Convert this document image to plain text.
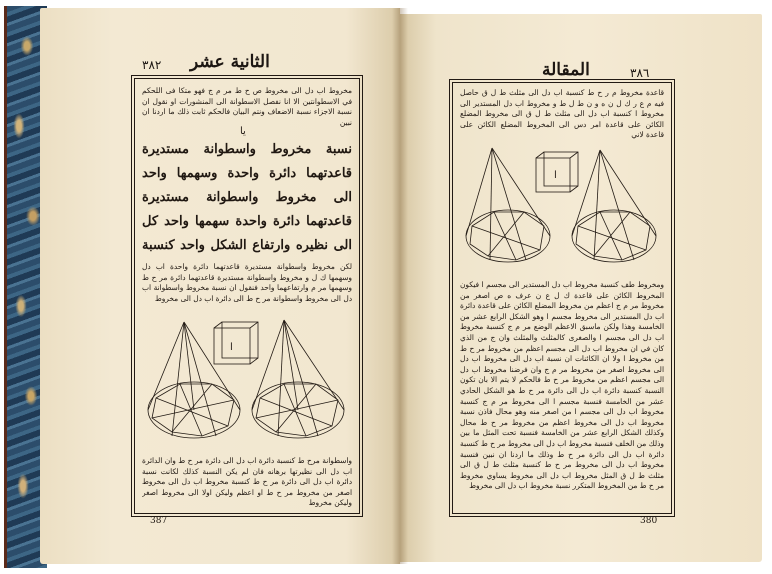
الثانية عشر
٣٨٢
مخروط اب دل الى مخروط ص ح ط مر م ج فهو متكا فى اللحكم في الاسطوانتين الا انا نفصل الاسطوانة الى المنشورات او نقول ان نسبة الاجزاء نسبة الاضعاف ونتم البيان فالحكم ثابت ذلك ما اردنا ان نبين
يا
نسبة مخروط واسطوانة مستديرة قاعدتهما دائرة واحدة وسهمها واحد الى مخروط واسطوانة مستديرة قاعدتهما دائرة واحدة سهمها واحد كل الى نظيره وارتفاع الشكل واحد كنسبة
لكن مخروط واسطوانة مستديرة قاعدتهما دائرة واحدة اب دل وسهمها ك ل و مخروط واسطوانة مستديرة قاعدتهما دائرة مر ح ط وسهمها مر م وارتفاعهما واحد فنقول ان نسبة مخروط واسطوانة اب دل الى مخروط واسطوانة مر ح ط الى دائرة اب دل الى مخروط
ا
واسطوانة مرح ط كنسبة دائرة اب دل الى دائرة مر ح ط وان الدائرة اب دل الى نظيرتها برهانه فان لم يكن النسبة كذلك لكانت نسبة دائرة اب دل الى دائرة مر ح ط كنسبة مخروط اب دل الى مخروط اصغر من مخروط مر ح ط او اعظم وليكن اولا الى مخروط اصغر وليكن مخروط
387
المقالة	٣٨٦
قاعدة مخروط م ر ح ط كنسبة اب دل الى مثلث ط ل ق حاصل فيه م ع ر ك ل ن ه و ن ط ل ط و مخروط اب دل المستدير الى مخروط ا كنسبة اب دل الى مثلث ط ل ق الى مخروط المضلع الكائن على قاعدة امر دس الى المخروط المضلع الكائن على قاعدة لاني
ا
ومخروط طف كنسبة مخروط اب دل المستدير الى مجسم ا فيكون المخروط الكائن على قاعدة ك ل ع ن عرف ه ص اصغر من مخروط مر م ج اعظم من مخروط المضلع الكائن على قاعدة دائرة اب دل المستدير الى مخروط مجسم ا وهو الشكل الرابع عشر من الخامسة وهذا ولكن ماسبق الاعظم الوضع مر م ج كنسبة مخروط اب دل الى مجسم ا والصغرى كالمثلث والمثلث وان ج من الذي كان في ان مخروط اب دل الى مجسم اعظم من مخروط مر ح ط من مخروط ا ولا ان الكائنات ان نسبة اب دل الى مخروط اب دل الى مخروط اصغر من مخروط مر م ج وان فرضنا مخروط اب دل الى مجسم اعظم من مخروط مر ح ط فالحكم لا يتم الا بان تكون النسبة كنسبة دائرة اب دل الى دائرة مر ح ط هو الشكل الحادي عشر من الخامسة فنسبة مجسم ا الى مخروط مر م ج كنسبة مخروط اب دل الى مجسم ا من اصغر منه وهو محال فاذن نسبة مخروط اب دل الى مخروط اعظم من مخروط مر ح ط محال وكذلك الشكل الرابع عشر من الخامسة فنسبة تحت المثل ما بين وذلك من الخلف فنسبة مخروط اب دل الى مخروط مر ح ط كنسبة دائرة اب دل الى دائرة مر ح ط وذلك ما اردنا ان نبين فنسبة مخروط اب دل الى مخروط مر ح ط كنسبة مثلث ط ل ق الى مثلث ط ل ق المثل مخروط اب دل الى مخروط يساوي مخروط مر ح ط من المخروط المتكرر نسبة مخروط اب دل الى مخروط
380
